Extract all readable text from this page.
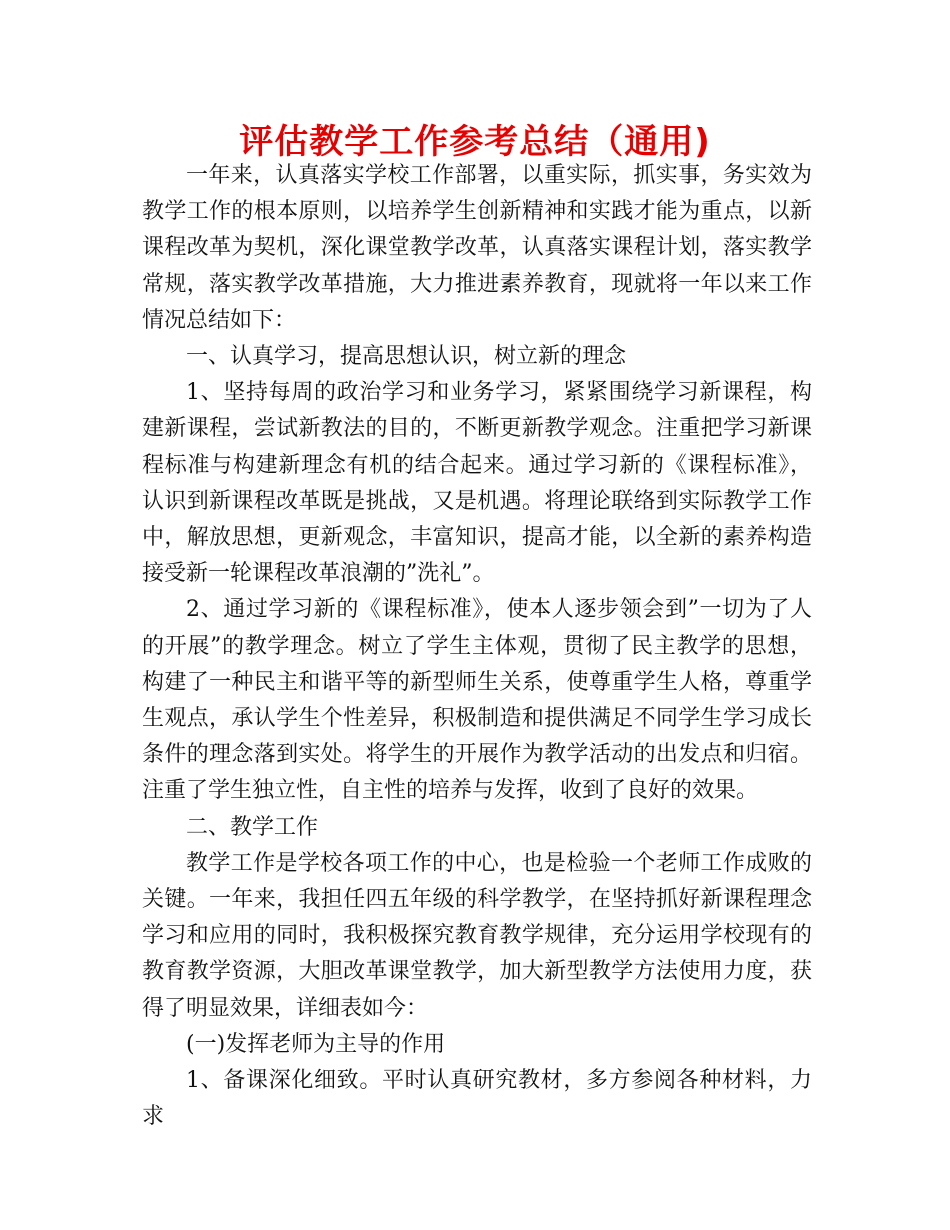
评估教学工作参考总结（通用)

一年来，认真落实学校工作部署，以重实际，抓实事，务实效为教学工作的根本原则，以培养学生创新精神和实践才能为重点，以新课程改革为契机，深化课堂教学改革，认真落实课程计划，落实教学常规，落实教学改革措施，大力推进素养教育，现就将一年以来工作情况总结如下：

一、认真学习，提高思想认识，树立新的理念

1、坚持每周的政治学习和业务学习，紧紧围绕学习新课程，构建新课程，尝试新教法的目的，不断更新教学观念。注重把学习新课程标准与构建新理念有机的结合起来。通过学习新的《课程标准》，认识到新课程改革既是挑战，又是机遇。将理论联络到实际教学工作中，解放思想，更新观念，丰富知识，提高才能，以全新的素养构造接受新一轮课程改革浪潮的”洗礼”。

2、通过学习新的《课程标准》，使本人逐步领会到”一切为了人的开展”的教学理念。树立了学生主体观，贯彻了民主教学的思想，构建了一种民主和谐平等的新型师生关系，使尊重学生人格，尊重学生观点，承认学生个性差异，积极制造和提供满足不同学生学习成长条件的理念落到实处。将学生的开展作为教学活动的出发点和归宿。注重了学生独立性，自主性的培养与发挥，收到了良好的效果。

二、教学工作

教学工作是学校各项工作的中心，也是检验一个老师工作成败的关键。一年来，我担任四五年级的科学教学，在坚持抓好新课程理念学习和应用的同时，我积极探究教育教学规律，充分运用学校现有的教育教学资源，大胆改革课堂教学，加大新型教学方法使用力度，获得了明显效果，详细表如今：

(一)发挥老师为主导的作用

1、备课深化细致。平时认真研究教材，多方参阅各种材料，力求
